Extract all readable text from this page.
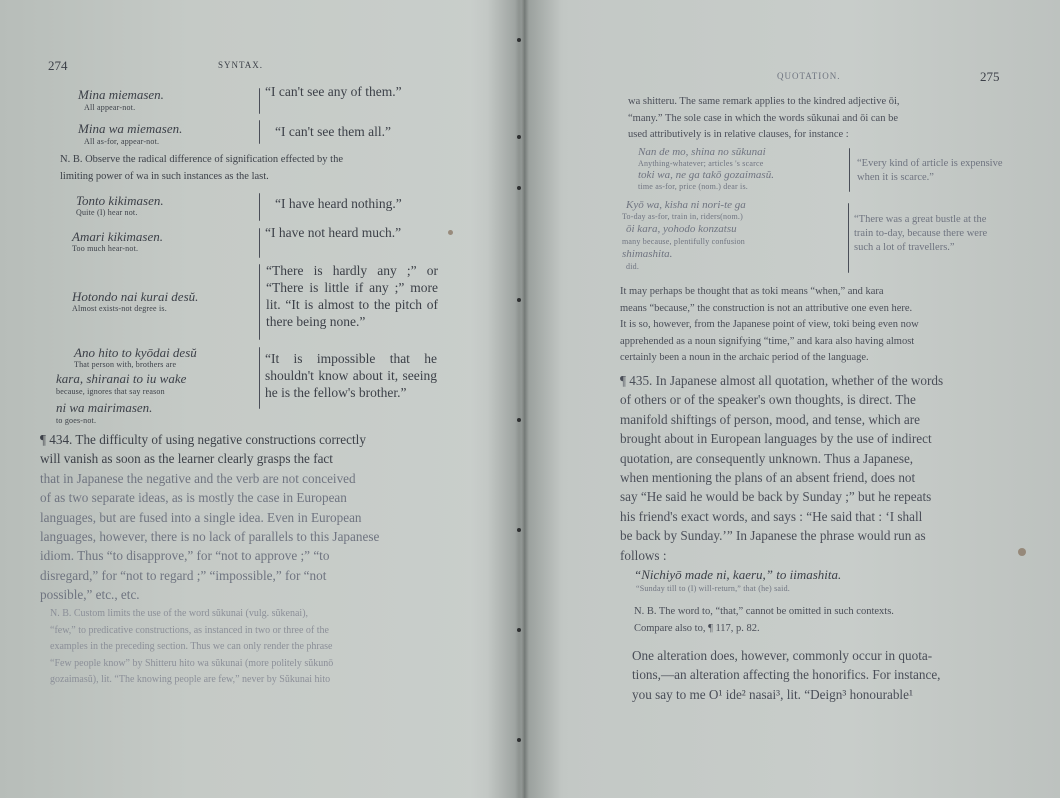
274	SYNTAX.
Mina miemasen.
All appear-not.
“I can't see any of them.”
Mina wa miemasen.
All as-for, appear-not.
“I can't see them all.”
N. B. Observe the radical difference of signification effected by the
limiting power of wa in such instances as the last.
Tonto kikimasen.
Quite (I) hear not.
“I have heard nothing.”
Amari kikimasen.
Too much hear-not.
“I have not heard much.”
Hotondo nai kurai desŭ.
Almost exists-not degree is.
“There is hardly any ;” or “There is little if any ;” more lit. “It is almost to the pitch of there being none.”
Ano hito to kyōdai desŭ
That person with, brothers are
kara, shiranai to iu wake
because, ignores that say reason
ni wa mairimasen.
to goes-not.
“It is impossible that he shouldn't know about it, seeing he is the fellow's brother.”
¶ 434. The difficulty of using negative constructions correctly
will vanish as soon as the learner clearly grasps the fact
that in Japanese the negative and the verb are not conceived
of as two separate ideas, as is mostly the case in European
languages, but are fused into a single idea. Even in European
languages, however, there is no lack of parallels to this Japanese
idiom. Thus “to disapprove,” for “not to approve ;” “to
disregard,” for “not to regard ;” “impossible,” for “not
possible,” etc., etc.
N. B. Custom limits the use of the word sŭkunai (vulg. sŭkenai),
“few,” to predicative constructions, as instanced in two or three of the
examples in the preceding section. Thus we can only render the phrase
“Few people know” by Shitteru hito wa sŭkunai (more politely sŭkunō
gozaimasŭ), lit. “The knowing people are few,” never by Sŭkunai hito
QUOTATION.	275
wa shitteru. The same remark applies to the kindred adjective ōi,
“many.” The sole case in which the words sŭkunai and ōi can be
used attributively is in relative clauses, for instance :
Nan de mo, shina no sŭkunai
Anything-whatever; articles 's scarce
toki wa, ne ga takō gozaimasŭ.
time as-for, price (nom.) dear is.
“Every kind of article is expensive when it is scarce.”
Kyō wa, kisha ni nori-te ga
To-day as-for, train in, riders(nom.)
ōi kara, yohodo konzatsu
many because, plentifully confusion
shimashita.
did.
“There was a great bustle at the train to-day, because there were such a lot of travellers.”
It may perhaps be thought that as toki means “when,” and kara
means “because,” the construction is not an attributive one even here.
It is so, however, from the Japanese point of view, toki being even now
apprehended as a noun signifying “time,” and kara also having almost
certainly been a noun in the archaic period of the language.
¶ 435. In Japanese almost all quotation, whether of the words
of others or of the speaker's own thoughts, is direct. The
manifold shiftings of person, mood, and tense, which are
brought about in European languages by the use of indirect
quotation, are consequently unknown. Thus a Japanese,
when mentioning the plans of an absent friend, does not
say “He said he would be back by Sunday ;” but he repeats
his friend's exact words, and says : “He said that : ‘I shall
be back by Sunday.’” In Japanese the phrase would run as
follows :
“Nichiyō made ni, kaeru,” to iimashita.
“Sunday till to (I) will-return,” that (he) said.
N. B. The word to, “that,” cannot be omitted in such contexts.
Compare also to, ¶ 117, p. 82.
One alteration does, however, commonly occur in quota-
tions,—an alteration affecting the honorifics. For instance,
you say to me O¹ ide² nasai³, lit. “Deign³ honourable¹
